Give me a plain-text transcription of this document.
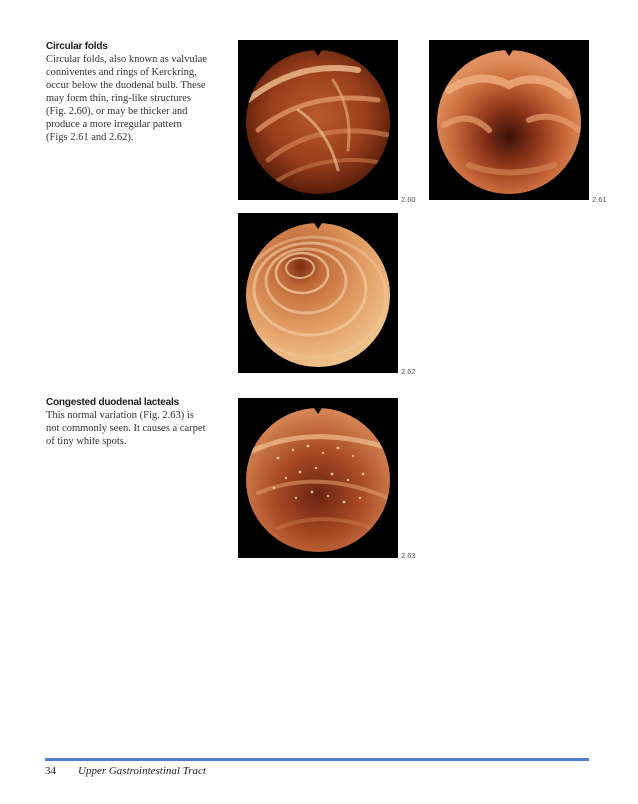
Circular folds
Circular folds, also known as valvulae
conniventes and rings of Kerckring,
occur below the duodenal bulb. These
may form thin, ring-like structures
(Fig. 2.60), or may be thicker and
produce a more irregular pattern
(Figs 2.61 and 2.62).
Congested duodenal lacteals
This normal variation (Fig. 2.63) is
not commonly seen. It causes a carpet
of tiny white spots.
2.60	2.61
2.62
2.63
34 Upper Gastrointestinal Tract
